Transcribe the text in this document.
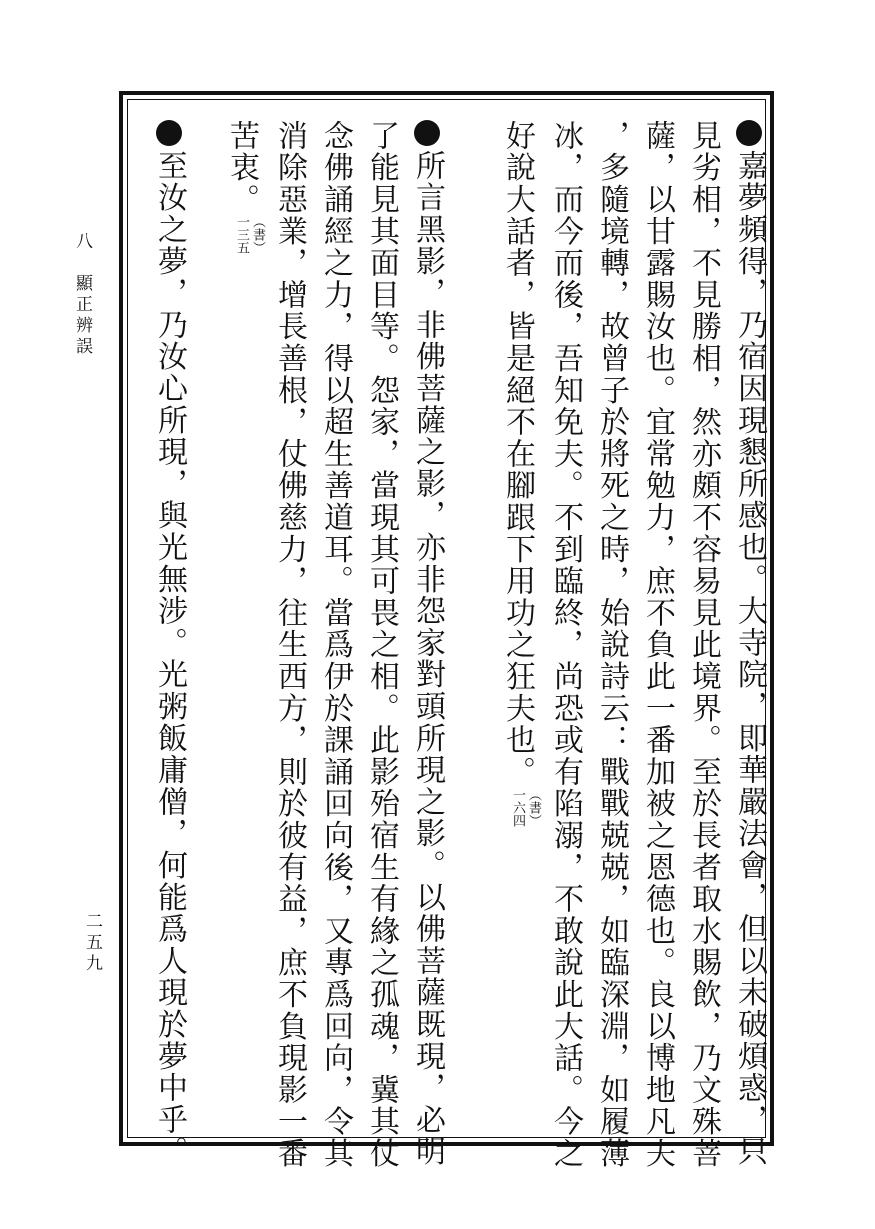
八　顯正辨誤
二五九	嘉夢頻得，乃宿因現懇所感也。大寺院，即華嚴法會，但以未破煩惑，只
見劣相，不見勝相，然亦頗不容易見此境界。至於長者取水賜飲，乃文殊菩
薩，以甘露賜汝也。宜常勉力，庶不負此一番加被之恩德也。良以博地凡夫
，多隨境轉，故曾子於將死之時，始說詩云：戰戰兢兢，如臨深淵，如履薄
冰，而今而後，吾知免夫。不到臨終，尚恐或有陷溺，不敢說此大話。今之
好說大話者，皆是絕不在腳跟下用功之狂夫也。
（書）
一六四
所言黑影，非佛菩薩之影，亦非怨家對頭所現之影。以佛菩薩既現，必明
了能見其面目等。怨家，當現其可畏之相。此影殆宿生有緣之孤魂，冀其仗
念佛誦經之力，得以超生善道耳。當爲伊於課誦回向後，又專爲回向，令其
消除惡業，增長善根，仗佛慈力，往生西方，則於彼有益，庶不負現影一番
苦衷。
（書）
一三五
至汝之夢，乃汝心所現，與光無涉。光粥飯庸僧，何能爲人現於夢中乎。
